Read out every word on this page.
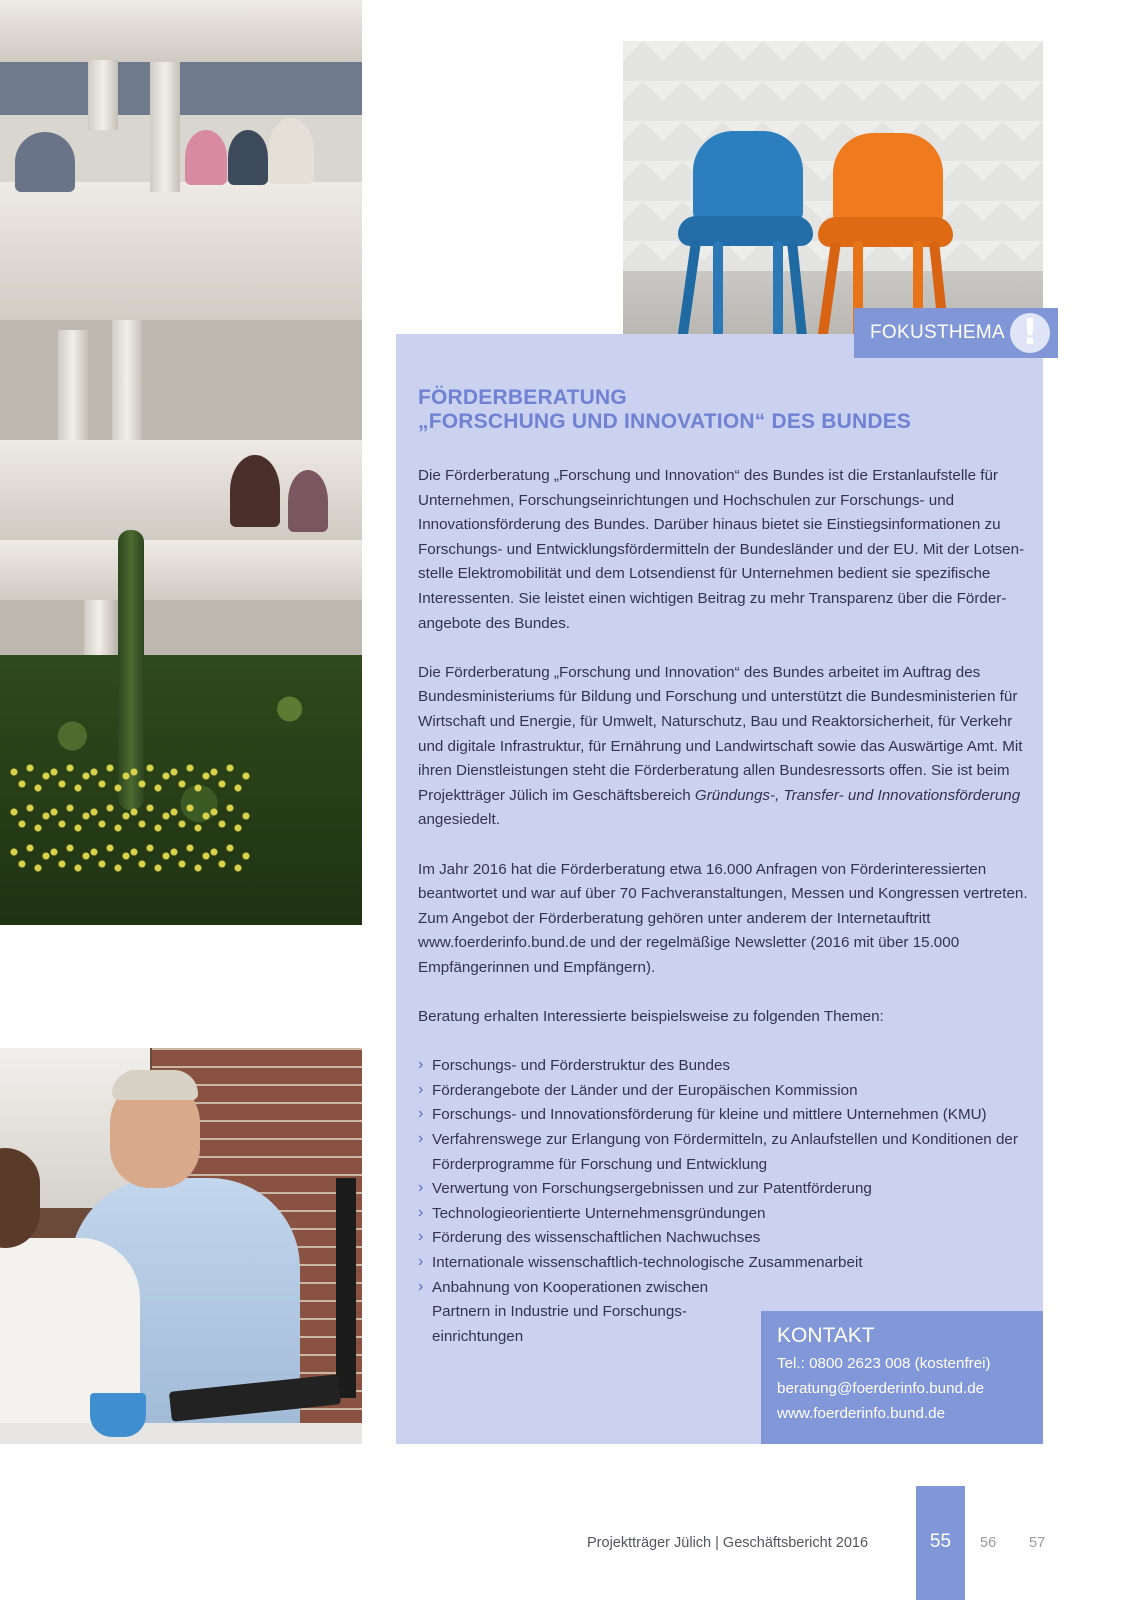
FÖRDERBERATUNG
„FORSCHUNG UND INNOVATION“ DES BUNDES

Die Förderberatung „Forschung und Innovation“ des Bundes ist die Erstanlaufstelle für Unternehmen, Forschungseinrichtungen und Hochschulen zur Forschungs- und Innovationsförderung des Bundes. Darüber hinaus bietet sie Einstiegsinformationen zu Forschungs- und Entwicklungsfördermitteln der Bundesländer und der EU. Mit der Lotsenstelle Elektromobilität und dem Lotsendienst für Unternehmen bedient sie spezifische Interessenten. Sie leistet einen wichtigen Beitrag zu mehr Transparenz über die Förderangebote des Bundes.

Die Förderberatung „Forschung und Innovation“ des Bundes arbeitet im Auftrag des Bundesministeriums für Bildung und Forschung und unterstützt die Bundesministerien für Wirtschaft und Energie, für Umwelt, Naturschutz, Bau und Reaktorsicherheit, für Verkehr und digitale Infrastruktur, für Ernährung und Landwirtschaft sowie das Auswärtige Amt. Mit ihren Dienstleistungen steht die Förderberatung allen Bundesressorts offen. Sie ist beim Projektträger Jülich im Geschäftsbereich Gründungs-, Transfer- und Innovationsförderung angesiedelt.

Im Jahr 2016 hat die Förderberatung etwa 16.000 Anfragen von Förderinteressierten beantwortet und war auf über 70 Fachveranstaltungen, Messen und Kongressen vertreten. Zum Angebot der Förderberatung gehören unter anderem der Internetauftritt www.foerderinfo.bund.de und der regelmäßige Newsletter (2016 mit über 15.000 Empfängerinnen und Empfängern).

Beratung erhalten Interessierte beispielsweise zu folgenden Themen:

› Forschungs- und Förderstruktur des Bundes
› Förderangebote der Länder und der Europäischen Kommission
› Forschungs- und Innovationsförderung für kleine und mittlere Unternehmen (KMU)
› Verfahrenswege zur Erlangung von Fördermitteln, zu Anlaufstellen und Konditionen der Förderprogramme für Forschung und Entwicklung
› Verwertung von Forschungsergebnissen und zur Patentförderung
› Technologieorientierte Unternehmensgründungen
› Förderung des wissenschaftlichen Nachwuchses
› Internationale wissenschaftlich-technologische Zusammenarbeit
› Anbahnung von Kooperationen zwischen Partnern in Industrie und Forschungseinrichtungen
FOKUSTHEMA !
KONTAKT
Tel.: 0800 2623 008 (kostenfrei)
beratung@foerderinfo.bund.de
www.foerderinfo.bund.de
Projektträger Jülich | Geschäftsbericht 2016	55	56 57
